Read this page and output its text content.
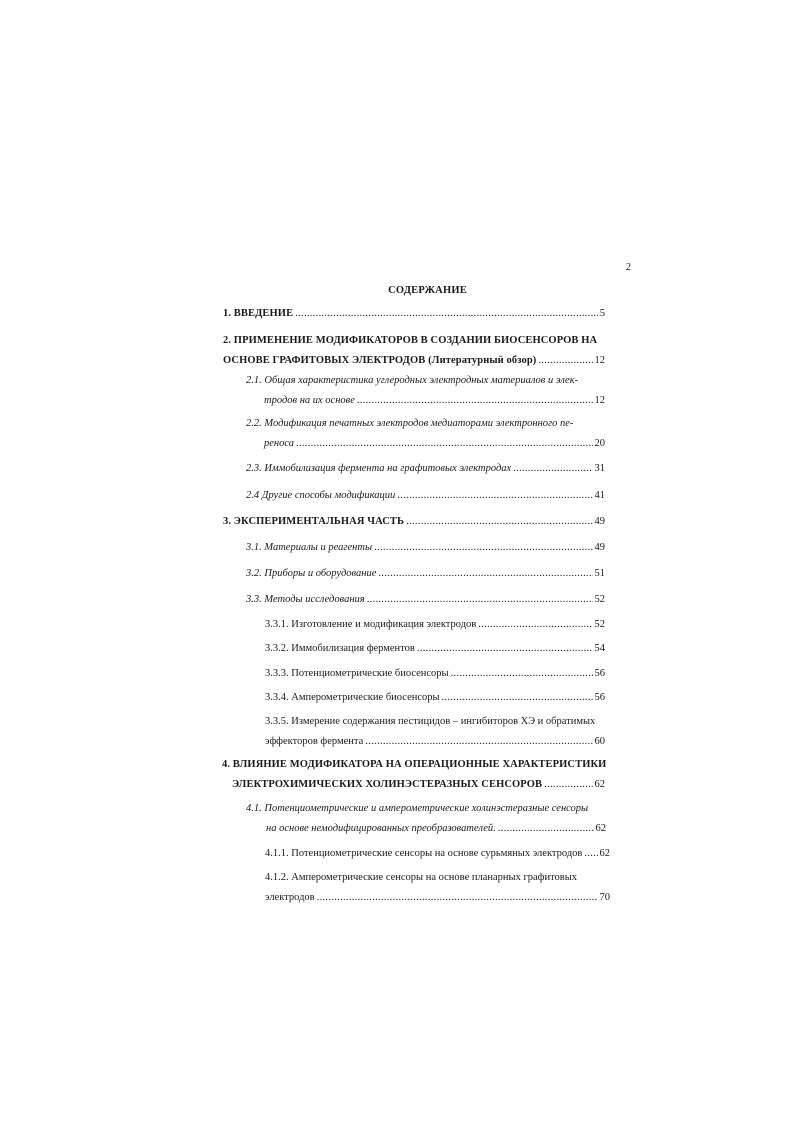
2
СОДЕРЖАНИЕ
1. ВВЕДЕНИЕ .....	5
2. ПРИМЕНЕНИЕ МОДИФИКАТОРОВ В СОЗДАНИИ БИОСЕНСОРОВ НА
ОСНОВЕ ГРАФИТОВЫХ ЭЛЕКТРОДОВ (Литературный обзор) .....	12
2.1. Общая характеристика углеродных электродных материалов и элек-
тродов на их основе .....	12
2.2. Модификация печатных электродов медиаторами электронного пе-
реноса .....	20
2.3. Иммобилизация фермента на графитовых электродах .....	31
2.4 Другие способы модификации .....	41
3. ЭКСПЕРИМЕНТАЛЬНАЯ ЧАСТЬ .....	49
3.1. Материалы и реагенты .....	49
3.2. Приборы и оборудование .....	51
3.3. Методы исследования .....	52
3.3.1. Изготовление и модификация электродов .....	52
3.3.2. Иммобилизация ферментов .....	54
3.3.3. Потенциометрические биосенсоры .....	56
3.3.4. Амперометрические биосенсоры .....	56
3.3.5. Измерение содержания пестицидов – ингибиторов ХЭ и обратимых
эффекторов фермента .....	60
4. ВЛИЯНИЕ МОДИФИКАТОРА НА ОПЕРАЦИОННЫЕ ХАРАКТЕРИСТИКИ
ЭЛЕКТРОХИМИЧЕСКИХ ХОЛИНЭСТЕРАЗНЫХ СЕНСОРОВ .....	62
4.1. Потенциометрические и амперометрические холинэстеразные сенсоры
на основе немодифицированных преобразователей. .....	62
4.1.1. Потенциометрические сенсоры на основе сурьмяных электродов ..... 62
4.1.2. Амперометрические сенсоры на основе планарных графитовых
электродов .....	70
